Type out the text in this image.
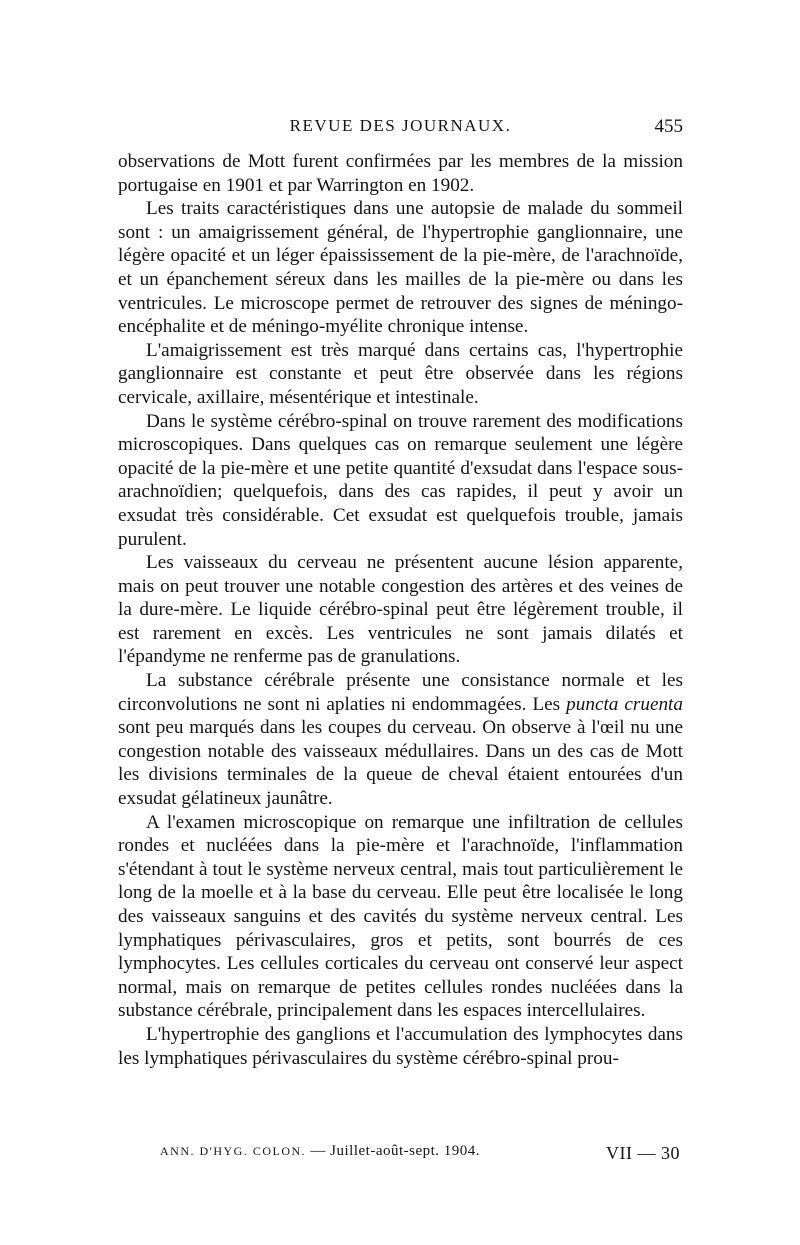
REVUE DES JOURNAUX.	455

observations de Mott furent confirmées par les membres de la mission portugaise en 1901 et par Warrington en 1902.

Les traits caractéristiques dans une autopsie de malade du sommeil sont : un amaigrissement général, de l'hypertrophie ganglionnaire, une légère opacité et un léger épaississement de la pie-mère, de l'arachnoïde, et un épanchement séreux dans les mailles de la pie-mère ou dans les ventricules. Le microscope permet de retrouver des signes de méningo-encéphalite et de méningo-myélite chronique intense.

L'amaigrissement est très marqué dans certains cas, l'hypertrophie ganglionnaire est constante et peut être observée dans les régions cervicale, axillaire, mésentérique et intestinale.

Dans le système cérébro-spinal on trouve rarement des modifications microscopiques. Dans quelques cas on remarque seulement une légère opacité de la pie-mère et une petite quantité d'exsudat dans l'espace sous-arachnoïdien; quelquefois, dans des cas rapides, il peut y avoir un exsudat très considérable. Cet exsudat est quelquefois trouble, jamais purulent.

Les vaisseaux du cerveau ne présentent aucune lésion apparente, mais on peut trouver une notable congestion des artères et des veines de la dure-mère. Le liquide cérébro-spinal peut être légèrement trouble, il est rarement en excès. Les ventricules ne sont jamais dilatés et l'épandyme ne renferme pas de granulations.

La substance cérébrale présente une consistance normale et les circonvolutions ne sont ni aplaties ni endommagées. Les puncta cruenta sont peu marqués dans les coupes du cerveau. On observe à l'œil nu une congestion notable des vaisseaux médullaires. Dans un des cas de Mott les divisions terminales de la queue de cheval étaient entourées d'un exsudat gélatineux jaunâtre.

A l'examen microscopique on remarque une infiltration de cellules rondes et nucléées dans la pie-mère et l'arachnoïde, l'inflammation s'étendant à tout le système nerveux central, mais tout particulièrement le long de la moelle et à la base du cerveau. Elle peut être localisée le long des vaisseaux sanguins et des cavités du système nerveux central. Les lymphatiques périvasculaires, gros et petits, sont bourrés de ces lymphocytes. Les cellules corticales du cerveau ont conservé leur aspect normal, mais on remarque de petites cellules rondes nucléées dans la substance cérébrale, principalement dans les espaces intercellulaires.

L'hypertrophie des ganglions et l'accumulation des lymphocytes dans les lymphatiques périvasculaires du système cérébro-spinal prou-

ANN. D'HYG. COLON. — Juillet-août-sept. 1904.	VII — 30
